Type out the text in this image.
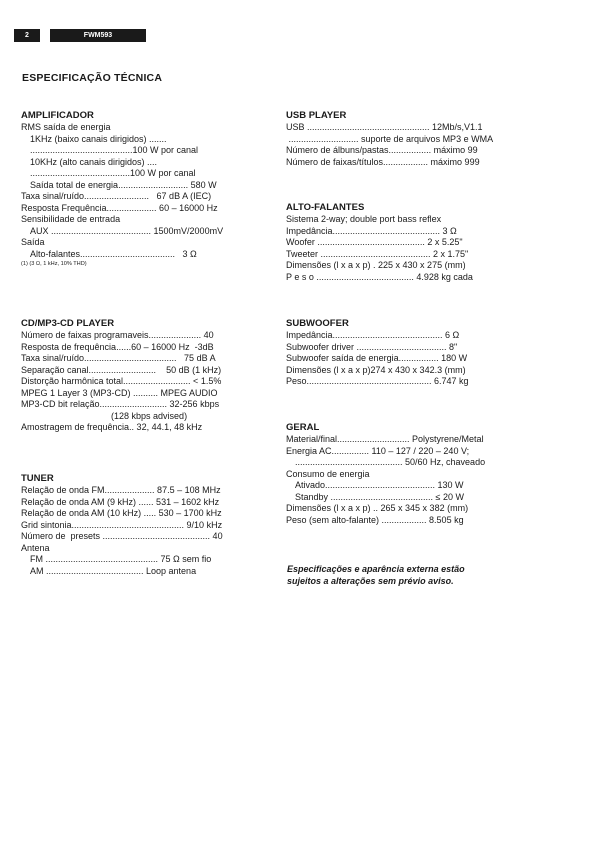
2	FWM593
ESPECIFICAÇÃO TÉCNICA
AMPLIFICADOR
RMS saída de energia
1KHz (baixo canais dirigidos) .......
.........................................100 W por canal
10KHz (alto canais dirigidos) ....
........................................100 W por canal
Saída total de energia............................ 580 W
Taxa sinal/ruído..........................   67 dB A (IEC)
Resposta Frequência.................... 60 – 16000 Hz
Sensibilidade de entrada
AUX ........................................ 1500mV/2000mV
Saída
Alto-falantes......................................   3 Ω
(1) (3 Ω, 1 kHz, 10% THD)
CD/MP3-CD PLAYER
Número de faixas programaveis..................... 40
Resposta de frequência......60 – 16000 Hz  -3dB
Taxa sinal/ruído.....................................   75 dB A
Separação canal...........................    50 dB (1 kHz)
Distorção harmônica total........................... < 1.5%
MPEG 1 Layer 3 (MP3-CD) .......... MPEG AUDIO
MP3-CD bit relação........................... 32-256 kbps
(128 kbps advised)
Amostragem de frequência.. 32, 44.1, 48 kHz
TUNER
Relação de onda FM.................... 87.5 – 108 MHz
Relação de onda AM (9 kHz) ...... 531 – 1602 kHz
Relação de onda AM (10 kHz) ..... 530 – 1700 kHz
Grid sintonia............................................. 9/10 kHz
Número de  presets ........................................... 40
Antena
FM ............................................. 75 Ω sem fio
AM ....................................... Loop antena
USB PLAYER
USB ................................................. 12Mb/s,V1.1
............................ suporte de arquivos MP3 e WMA
Número de álbuns/pastas................. máximo 99
Número de faixas/títulos.................. máximo 999
ALTO-FALANTES
Sistema 2-way; double port bass reflex
Impedância........................................... 3 Ω
Woofer ........................................... 2 x 5.25"
Tweeter ............................................ 2 x 1.75"
Dimensões (l x a x p) . 225 x 430 x 275 (mm)
P e s o ....................................... 4.928 kg cada
SUBWOOFER
Impedância............................................ 6 Ω
Subwoofer driver .................................... 8"
Subwoofer saída de energia................ 180 W
Dimensões (l x a x p)274 x 430 x 342.3 (mm)
Peso.................................................. 6.747 kg
GERAL
Material/final............................. Polystyrene/Metal
Energia AC............... 110 – 127 / 220 – 240 V;
........................................... 50/60 Hz, chaveado
Consumo de energia
Ativado............................................ 130 W
Standby ......................................... ≤ 20 W
Dimensões (l x a x p) .. 265 x 345 x 382 (mm)
Peso (sem alto-falante) .................. 8.505 kg
Especificações e aparência externa estão
sujeitos a alterações sem prévio aviso.
